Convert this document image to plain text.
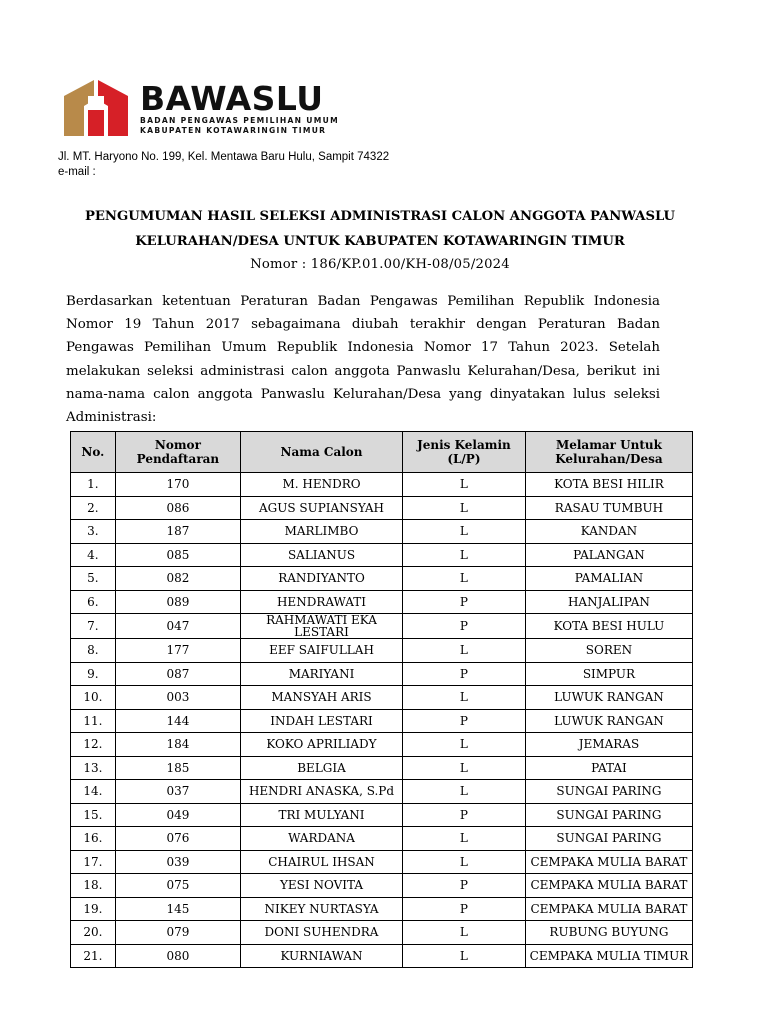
BAWASLU
BADAN PENGAWAS PEMILIHAN UMUM
KABUPATEN KOTAWARINGIN TIMUR
Jl. MT. Haryono No. 199, Kel. Mentawa Baru Hulu, Sampit 74322
e-mail :
PENGUMUMAN HASIL SELEKSI ADMINISTRASI CALON ANGGOTA PANWASLU
KELURAHAN/DESA UNTUK KABUPATEN KOTAWARINGIN TIMUR
Nomor : 186/KP.01.00/KH-08/05/2024
Berdasarkan ketentuan Peraturan Badan Pengawas Pemilihan Republik Indonesia Nomor 19 Tahun 2017 sebagaimana diubah terakhir dengan Peraturan Badan Pengawas Pemilihan Umum Republik Indonesia Nomor 17 Tahun 2023. Setelah melakukan seleksi administrasi calon anggota Panwaslu Kelurahan/Desa, berikut ini nama-nama calon anggota Panwaslu Kelurahan/Desa yang dinyatakan lulus seleksi Administrasi:
No.	Nomor Pendaftaran	Nama Calon	Jenis Kelamin (L/P)	Melamar Untuk Kelurahan/Desa
1.	170	M. HENDRO	L	KOTA BESI HILIR
2.	086	AGUS SUPIANSYAH	L	RASAU TUMBUH
3.	187	MARLIMBO	L	KANDAN
4.	085	SALIANUS	L	PALANGAN
5.	082	RANDIYANTO	L	PAMALIAN
6.	089	HENDRAWATI	P	HANJALIPAN
7.	047	RAHMAWATI EKA LESTARI	P	KOTA BESI HULU
8.	177	EEF SAIFULLAH	L	SOREN
9.	087	MARIYANI	P	SIMPUR
10.	003	MANSYAH ARIS	L	LUWUK RANGAN
11.	144	INDAH LESTARI	P	LUWUK RANGAN
12.	184	KOKO APRILIADY	L	JEMARAS
13.	185	BELGIA	L	PATAI
14.	037	HENDRI ANASKA, S.Pd	L	SUNGAI PARING
15.	049	TRI MULYANI	P	SUNGAI PARING
16.	076	WARDANA	L	SUNGAI PARING
17.	039	CHAIRUL IHSAN	L	CEMPAKA MULIA BARAT
18.	075	YESI NOVITA	P	CEMPAKA MULIA BARAT
19.	145	NIKEY NURTASYA	P	CEMPAKA MULIA BARAT
20.	079	DONI SUHENDRA	L	RUBUNG BUYUNG
21.	080	KURNIAWAN	L	CEMPAKA MULIA TIMUR
